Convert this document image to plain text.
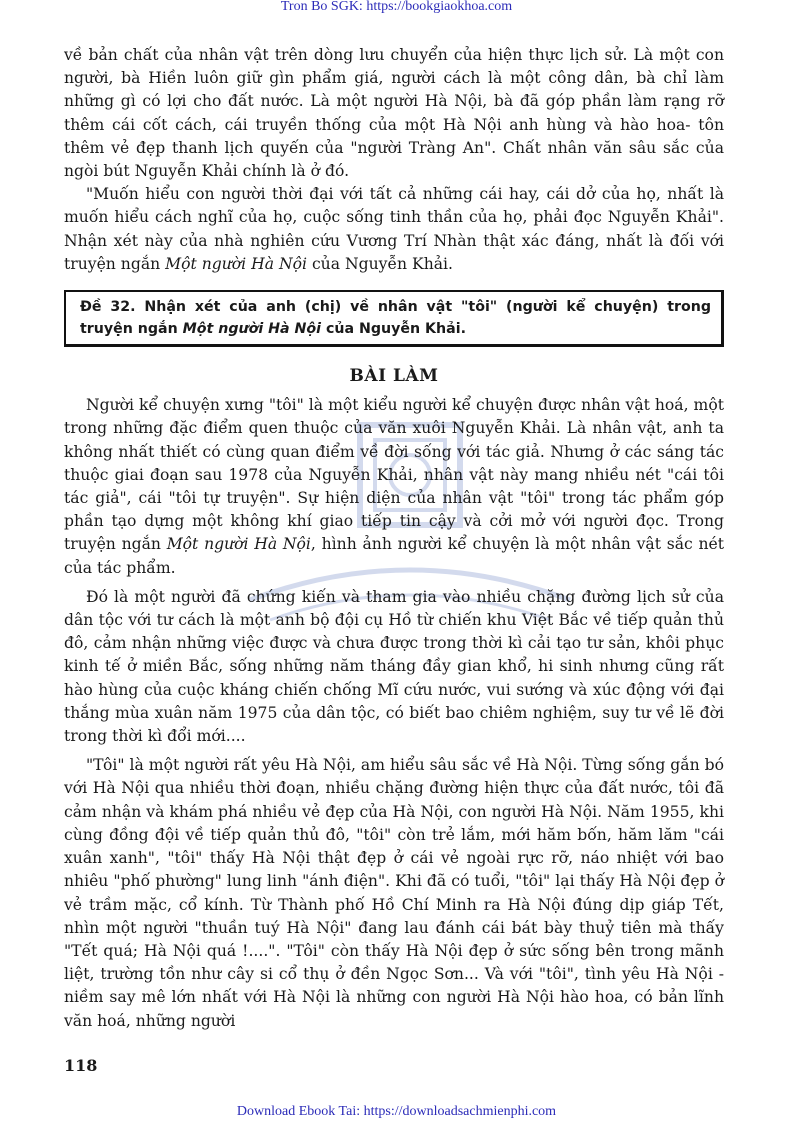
Tron Bo SGK: https://bookgiaokhoa.com

về bản chất của nhân vật trên dòng lưu chuyển của hiện thực lịch sử. Là một con người, bà Hiền luôn giữ gìn phẩm giá, người cách là một công dân, bà chỉ làm những gì có lợi cho đất nước. Là một người Hà Nội, bà đã góp phần làm rạng rỡ thêm cái cốt cách, cái truyền thống của một Hà Nội anh hùng và hào hoa- tôn thêm vẻ đẹp thanh lịch quyến của "người Tràng An". Chất nhân văn sâu sắc của ngòi bút Nguyễn Khải chính là ở đó.

"Muốn hiểu con người thời đại với tất cả những cái hay, cái dở của họ, nhất là muốn hiểu cách nghĩ của họ, cuộc sống tinh thần của họ, phải đọc Nguyễn Khải". Nhận xét này của nhà nghiên cứu Vương Trí Nhàn thật xác đáng, nhất là đối với truyện ngắn Một người Hà Nội của Nguyễn Khải.

Đề 32. Nhận xét của anh (chị) về nhân vật "tôi" (người kể chuyện) trong truyện ngắn Một người Hà Nội của Nguyễn Khải.
BÀI LÀM

Người kể chuyện xưng "tôi" là một kiểu người kể chuyện được nhân vật hoá, một trong những đặc điểm quen thuộc của văn xuôi Nguyễn Khải. Là nhân vật, anh ta không nhất thiết có cùng quan điểm về đời sống với tác giả. Nhưng ở các sáng tác thuộc giai đoạn sau 1978 của Nguyễn Khải, nhân vật này mang nhiều nét "cái tôi tác giả", cái "tôi tự truyện". Sự hiện diện của nhân vật "tôi" trong tác phẩm góp phần tạo dựng một không khí giao tiếp tin cậy và cởi mở với người đọc. Trong truyện ngắn Một người Hà Nội, hình ảnh người kể chuyện là một nhân vật sắc nét của tác phẩm.

Đó là một người đã chứng kiến và tham gia vào nhiều chặng đường lịch sử của dân tộc với tư cách là một anh bộ đội cụ Hồ từ chiến khu Việt Bắc về tiếp quản thủ đô, cảm nhận những việc được và chưa được trong thời kì cải tạo tư sản, khôi phục kinh tế ở miền Bắc, sống những năm tháng đầy gian khổ, hi sinh nhưng cũng rất hào hùng của cuộc kháng chiến chống Mĩ cứu nước, vui sướng và xúc động với đại thắng mùa xuân năm 1975 của dân tộc, có biết bao chiêm nghiệm, suy tư về lẽ đời trong thời kì đổi mới....

"Tôi" là một người rất yêu Hà Nội, am hiểu sâu sắc về Hà Nội. Từng sống gắn bó với Hà Nội qua nhiều thời đoạn, nhiều chặng đường hiện thực của đất nước, tôi đã cảm nhận và khám phá nhiều vẻ đẹp của Hà Nội, con người Hà Nội. Năm 1955, khi cùng đồng đội về tiếp quản thủ đô, "tôi" còn trẻ lắm, mới hăm bốn, hăm lăm "cái xuân xanh", "tôi" thấy Hà Nội thật đẹp ở cái vẻ ngoài rực rỡ, náo nhiệt với bao nhiêu "phố phường" lung linh "ánh điện". Khi đã có tuổi, "tôi" lại thấy Hà Nội đẹp ở vẻ trầm mặc, cổ kính. Từ Thành phố Hồ Chí Minh ra Hà Nội đúng dịp giáp Tết, nhìn một người "thuần tuý Hà Nội" đang lau đánh cái bát bày thuỷ tiên mà thấy "Tết quá; Hà Nội quá !....". "Tôi" còn thấy Hà Nội đẹp ở sức sống bên trong mãnh liệt, trường tồn như cây si cổ thụ ở đền Ngọc Sơn... Và với "tôi", tình yêu Hà Nội - niềm say mê lớn nhất với Hà Nội là những con người Hà Nội hào hoa, có bản lĩnh văn hoá, những người

118
Download Ebook Tai: https://downloadsachmienphi.com
